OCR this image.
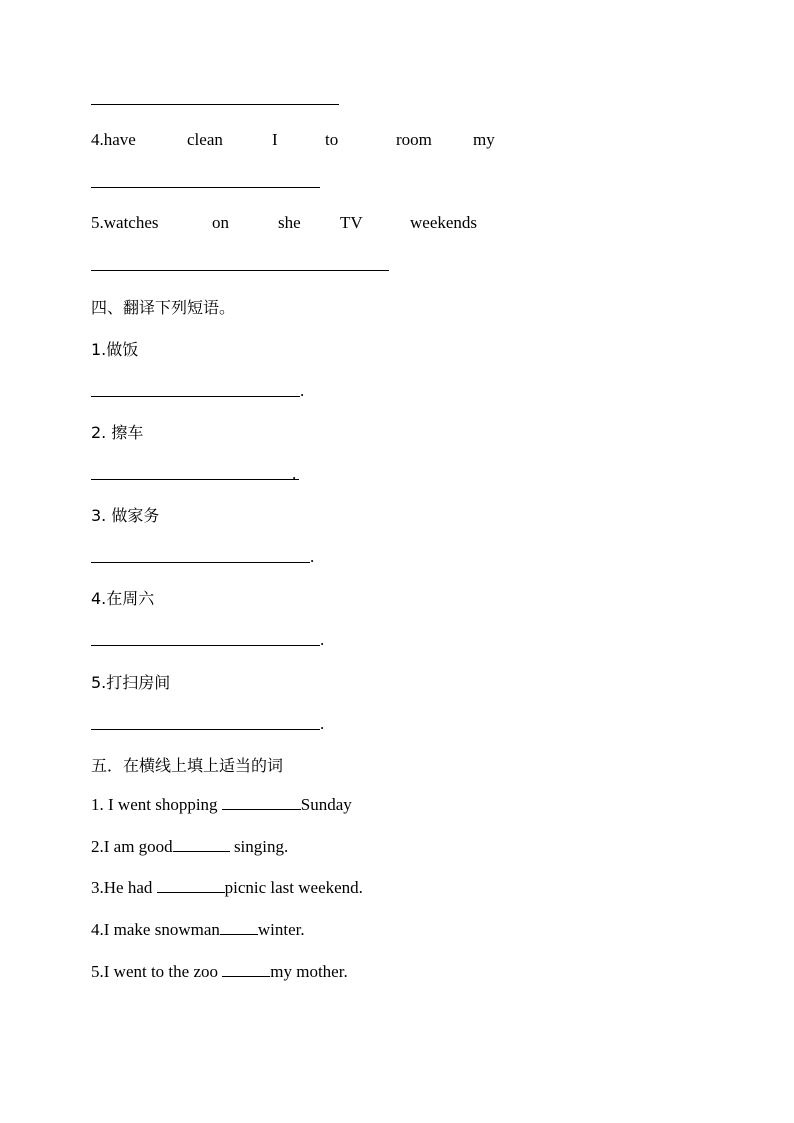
4.have	clean	I	to	room my
5.watches	on	she TV	weekends
四、翻译下列短语。
1.做饭
.
2. 擦车
.
3. 做家务
.
4.在周六
.
5.打扫房间
.
五．在横线上填上适当的词
1. I went shopping	Sunday
2.I am good	singing.
3.He had	picnic last weekend.
4.I make snowman winter.
5.I went to the zoo	my mother.
